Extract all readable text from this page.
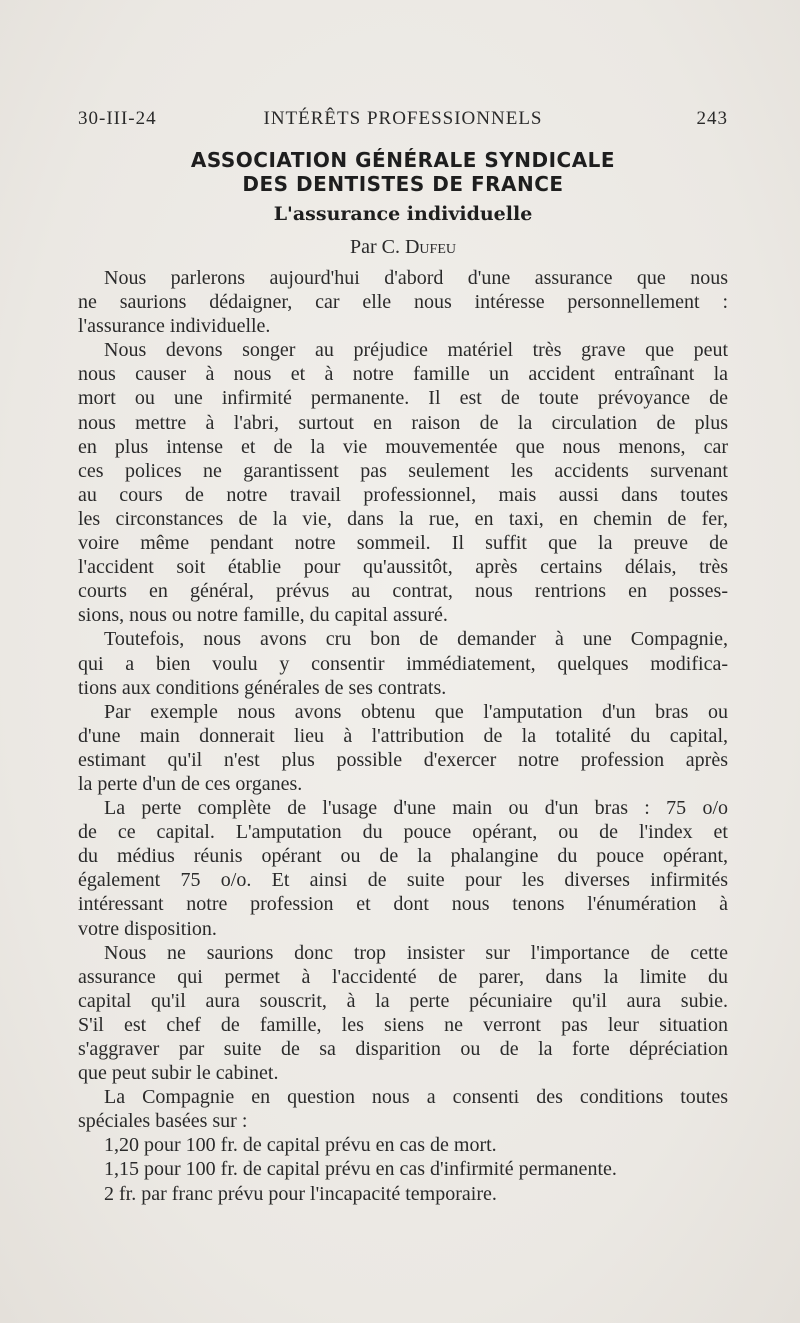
30-III-24	INTÉRÊTS PROFESSIONNELS	243
ASSOCIATION GÉNÉRALE SYNDICALE
DES DENTISTES DE FRANCE
L'assurance individuelle
Par C. Dufeu
Nous parlerons aujourd'hui d'abord d'une assurance que nous
ne saurions dédaigner, car elle nous intéresse personnellement :
l'assurance individuelle.
Nous devons songer au préjudice matériel très grave que peut
nous causer à nous et à notre famille un accident entraînant la
mort ou une infirmité permanente. Il est de toute prévoyance de
nous mettre à l'abri, surtout en raison de la circulation de plus
en plus intense et de la vie mouvementée que nous menons, car
ces polices ne garantissent pas seulement les accidents survenant
au cours de notre travail professionnel, mais aussi dans toutes
les circonstances de la vie, dans la rue, en taxi, en chemin de fer,
voire même pendant notre sommeil. Il suffit que la preuve de
l'accident soit établie pour qu'aussitôt, après certains délais, très
courts en général, prévus au contrat, nous rentrions en posses-
sions, nous ou notre famille, du capital assuré.
Toutefois, nous avons cru bon de demander à une Compagnie,
qui a bien voulu y consentir immédiatement, quelques modifica-
tions aux conditions générales de ses contrats.
Par exemple nous avons obtenu que l'amputation d'un bras ou
d'une main donnerait lieu à l'attribution de la totalité du capital,
estimant qu'il n'est plus possible d'exercer notre profession après
la perte d'un de ces organes.
La perte complète de l'usage d'une main ou d'un bras : 75 o/o
de ce capital. L'amputation du pouce opérant, ou de l'index et
du médius réunis opérant ou de la phalangine du pouce opérant,
également 75 o/o. Et ainsi de suite pour les diverses infirmités
intéressant notre profession et dont nous tenons l'énumération à
votre disposition.
Nous ne saurions donc trop insister sur l'importance de cette
assurance qui permet à l'accidenté de parer, dans la limite du
capital qu'il aura souscrit, à la perte pécuniaire qu'il aura subie.
S'il est chef de famille, les siens ne verront pas leur situation
s'aggraver par suite de sa disparition ou de la forte dépréciation
que peut subir le cabinet.
La Compagnie en question nous a consenti des conditions toutes
spéciales basées sur :
1,20 pour 100 fr. de capital prévu en cas de mort.
1,15 pour 100 fr. de capital prévu en cas d'infirmité permanente.
2 fr. par franc prévu pour l'incapacité temporaire.
